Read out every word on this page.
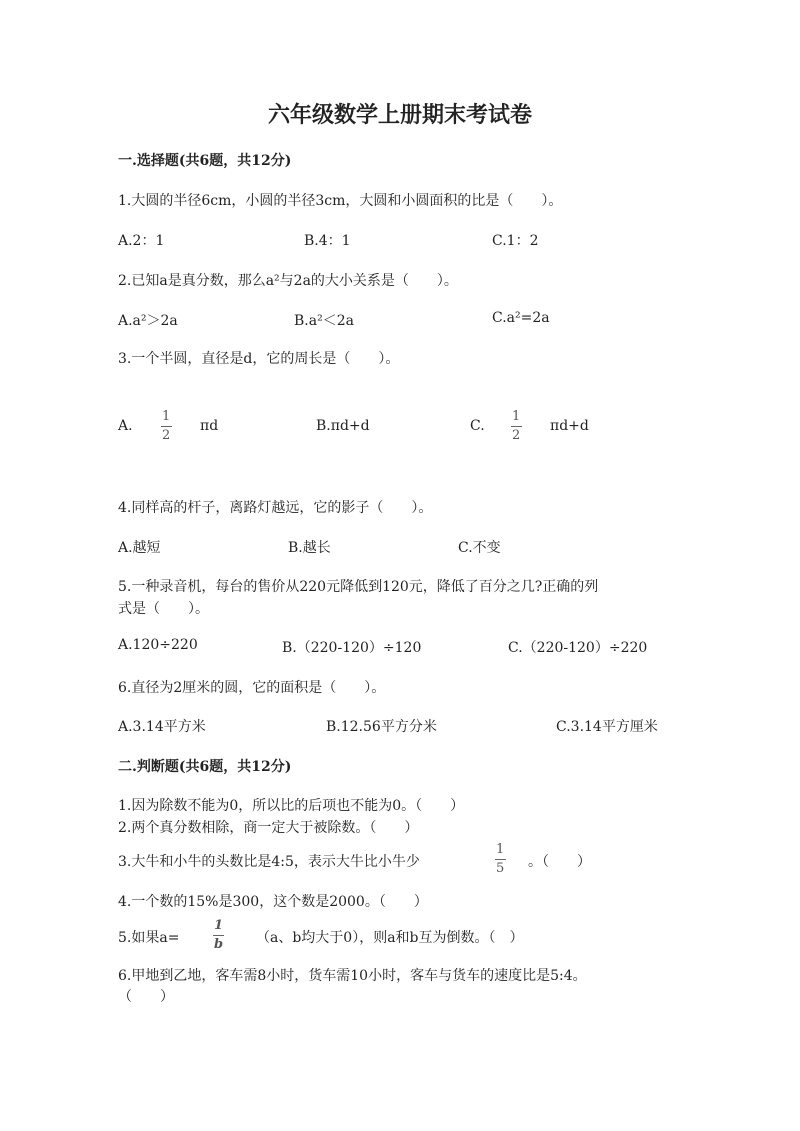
六年级数学上册期末考试卷
一.选择题(共6题，共12分)
1.大圆的半径6cm，小圆的半径3cm，大圆和小圆面积的比是（　　）。
A.2：1	B.4：1	C.1：2
2.已知a是真分数，那么a²与2a的大小关系是（　　）。
A.a²＞2a	B.a²＜2a	C.a²=2a
3.一个半圆，直径是d，它的周长是（　　）。
A.
1
2
πd	B.πd+d	C.
1
2
πd+d
4.同样高的杆子，离路灯越远，它的影子（　　）。
A.越短	B.越长	C.不变
5.一种录音机，每台的售价从220元降低到120元，降低了百分之几?正确的列
式是（　　）。
A.120÷220	B.（220-120）÷120	C.（220-120）÷220
6.直径为2厘米的圆，它的面积是（　　）。
A.3.14平方米	B.12.56平方分米	C.3.14平方厘米
二.判断题(共6题，共12分)
1.因为除数不能为0，所以比的后项也不能为0。（　　）
2.两个真分数相除，商一定大于被除数。（　　）
3.大牛和小牛的头数比是4:5，表示大牛比小牛少
1
5 。（　　）
4.一个数的15%是300，这个数是2000。（　　）
5.如果a=
1
b （a、b均大于0），则a和b互为倒数。（　）
6.甲地到乙地，客车需8小时，货车需10小时，客车与货车的速度比是5:4。
（　　）
